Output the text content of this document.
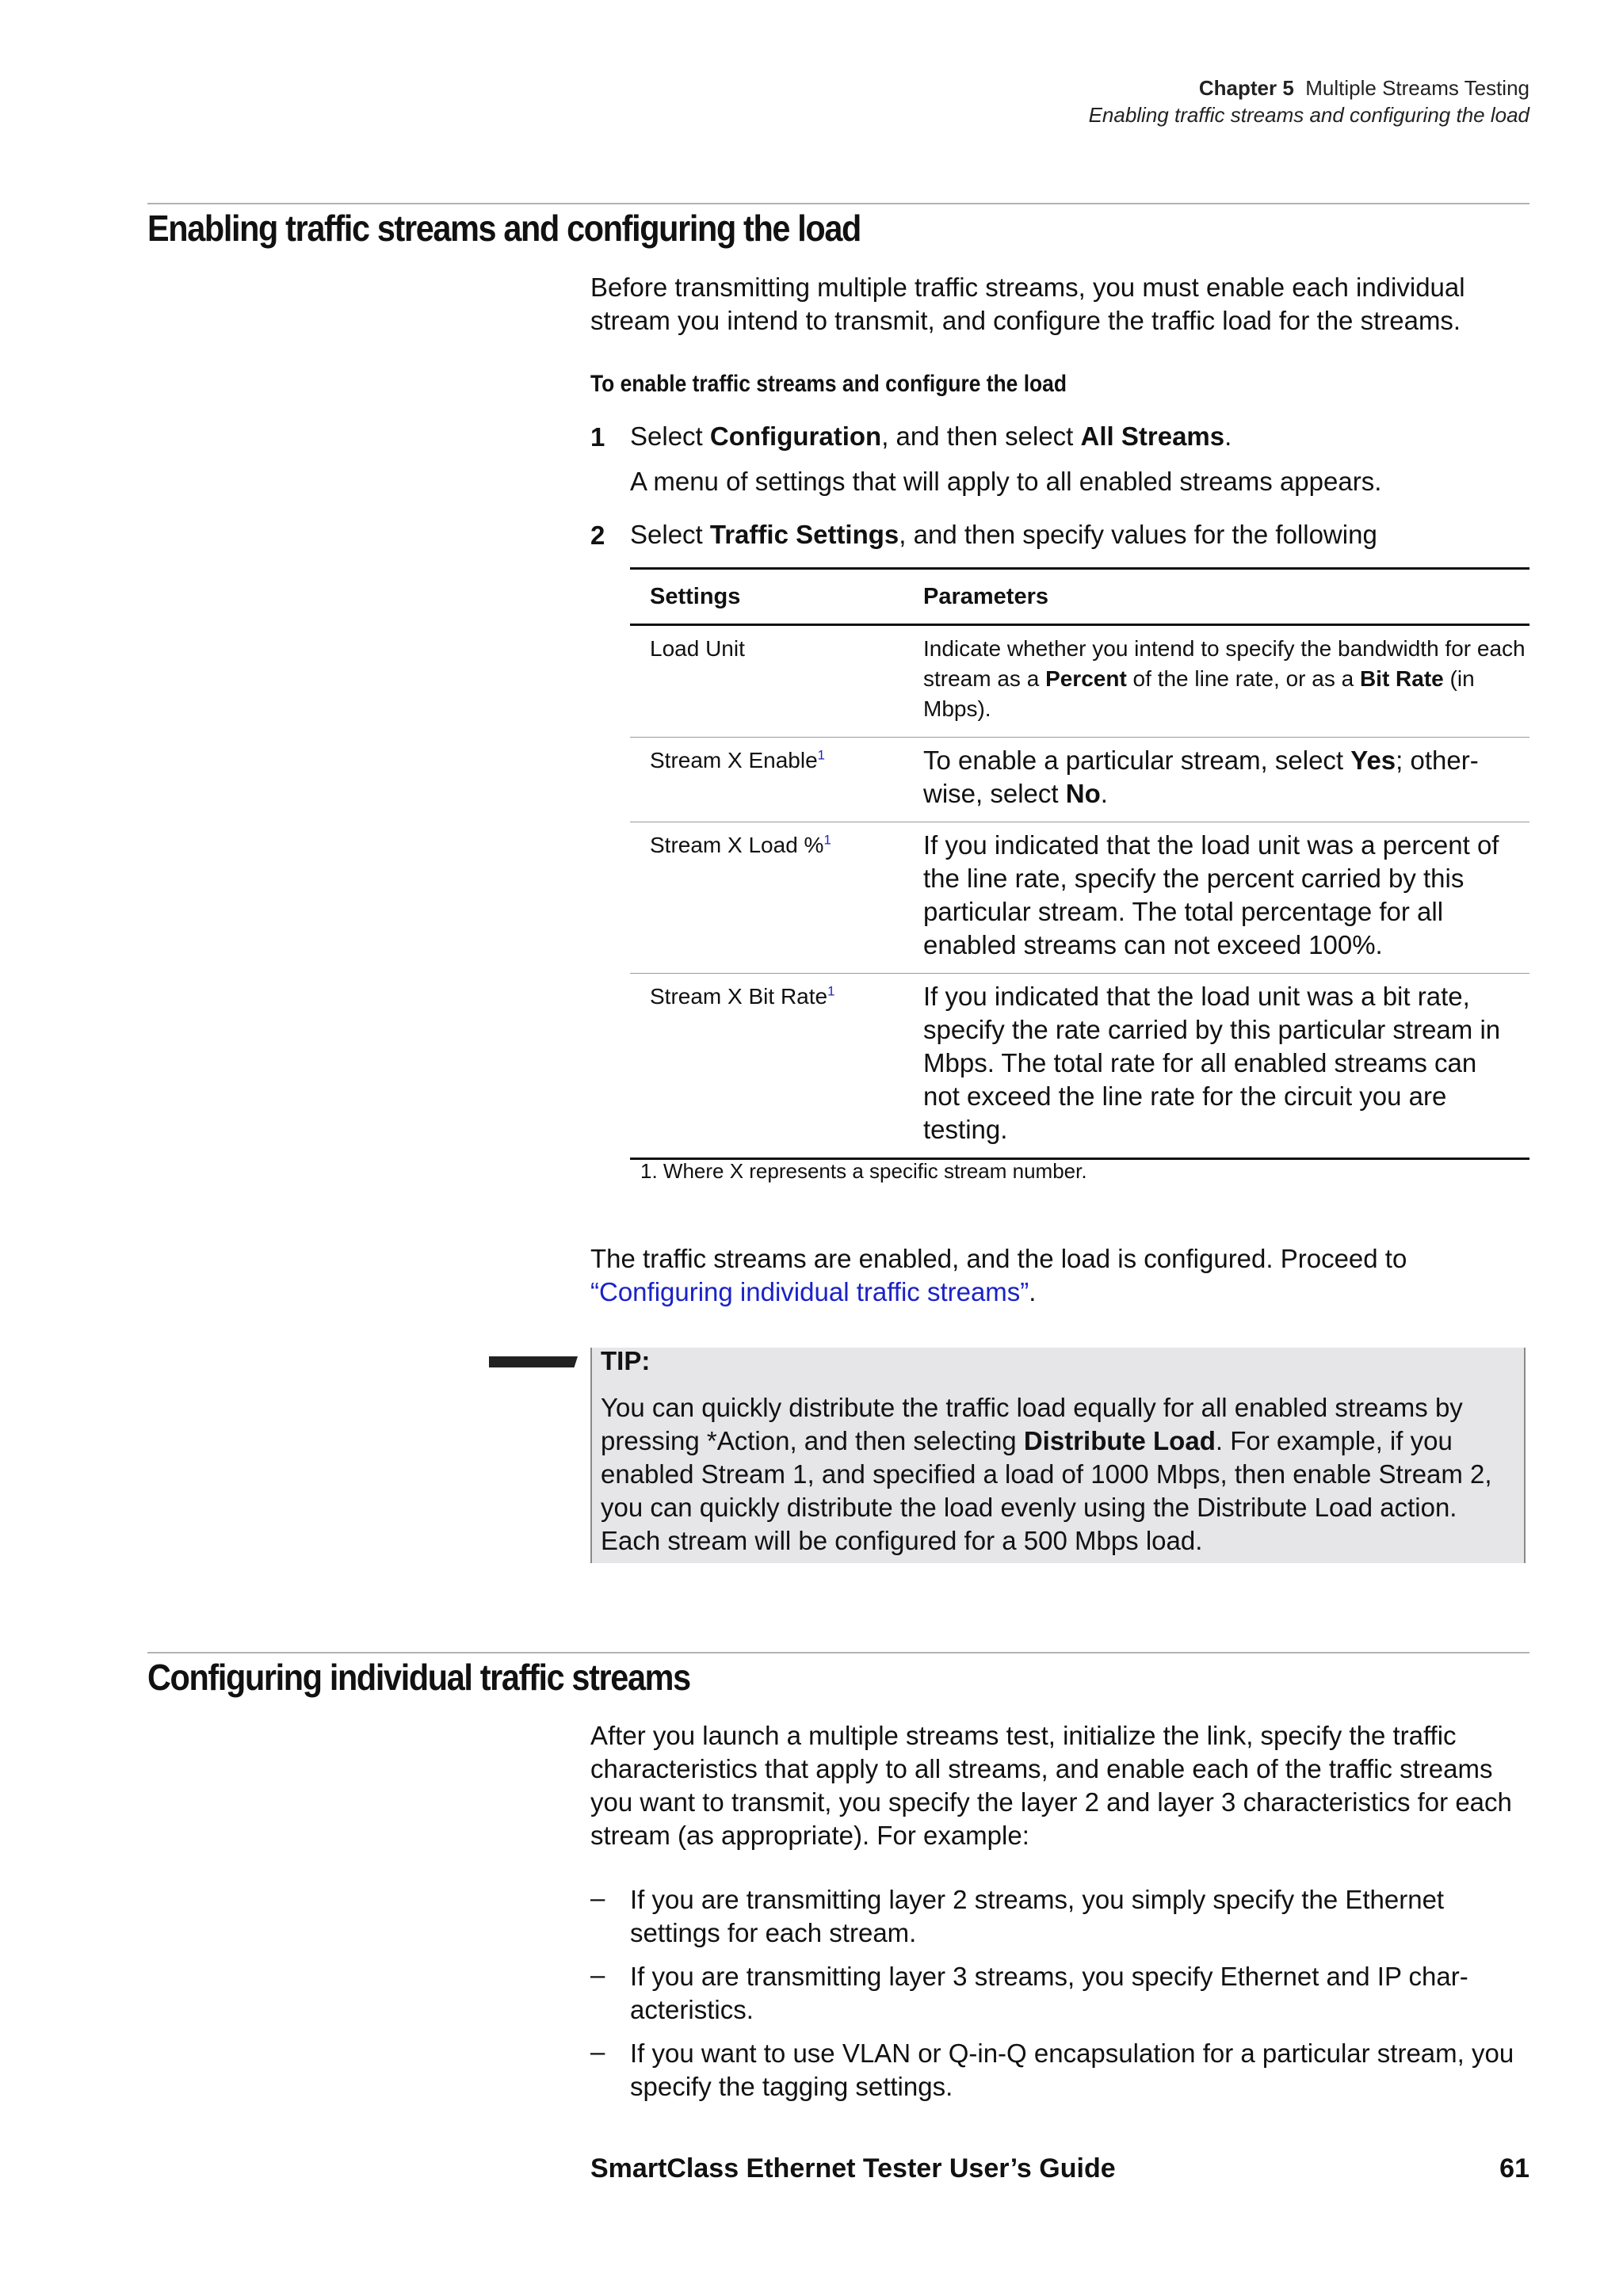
Chapter 5 Multiple Streams Testing
Enabling traffic streams and configuring the load
Enabling traffic streams and configuring the load
Before transmitting multiple traffic streams, you must enable each individual stream you intend to transmit, and configure the traffic load for the streams.
To enable traffic streams and configure the load
1 Select Configuration, and then select All Streams.
A menu of settings that will apply to all enabled streams appears.
2 Select Traffic Settings, and then specify values for the following
Settings	Parameters
Load Unit	Indicate whether you intend to specify the bandwidth for each stream as a Percent of the line rate, or as a Bit Rate (in Mbps).
Stream X Enable$^1$	To enable a particular stream, select Yes; other-wise, select No.
Stream X Load %$^1$	If you indicated that the load unit was a percent of the line rate, specify the percent carried by this particular stream. The total percentage for all enabled streams can not exceed 100%.
Stream X Bit Rate$^1$	If you indicated that the load unit was a bit rate, specify the rate carried by this particular stream in Mbps. The total rate for all enabled streams can not exceed the line rate for the circuit you are testing.
1. Where X represents a specific stream number.
The traffic streams are enabled, and the load is configured. Proceed to “Configuring individual traffic streams”.
TIP:
You can quickly distribute the traffic load equally for all enabled streams by pressing *Action, and then selecting Distribute Load. For example, if you enabled Stream 1, and specified a load of 1000 Mbps, then enable Stream 2, you can quickly distribute the load evenly using the Distribute Load action. Each stream will be configured for a 500 Mbps load.
Configuring individual traffic streams
After you launch a multiple streams test, initialize the link, specify the traffic characteristics that apply to all streams, and enable each of the traffic streams you want to transmit, you specify the layer 2 and layer 3 characteristics for each stream (as appropriate). For example:
– If you are transmitting layer 2 streams, you simply specify the Ethernet settings for each stream.
– If you are transmitting layer 3 streams, you specify Ethernet and IP char-acteristics.
– If you want to use VLAN or Q-in-Q encapsulation for a particular stream, you specify the tagging settings.
SmartClass Ethernet Tester User’s Guide	61
